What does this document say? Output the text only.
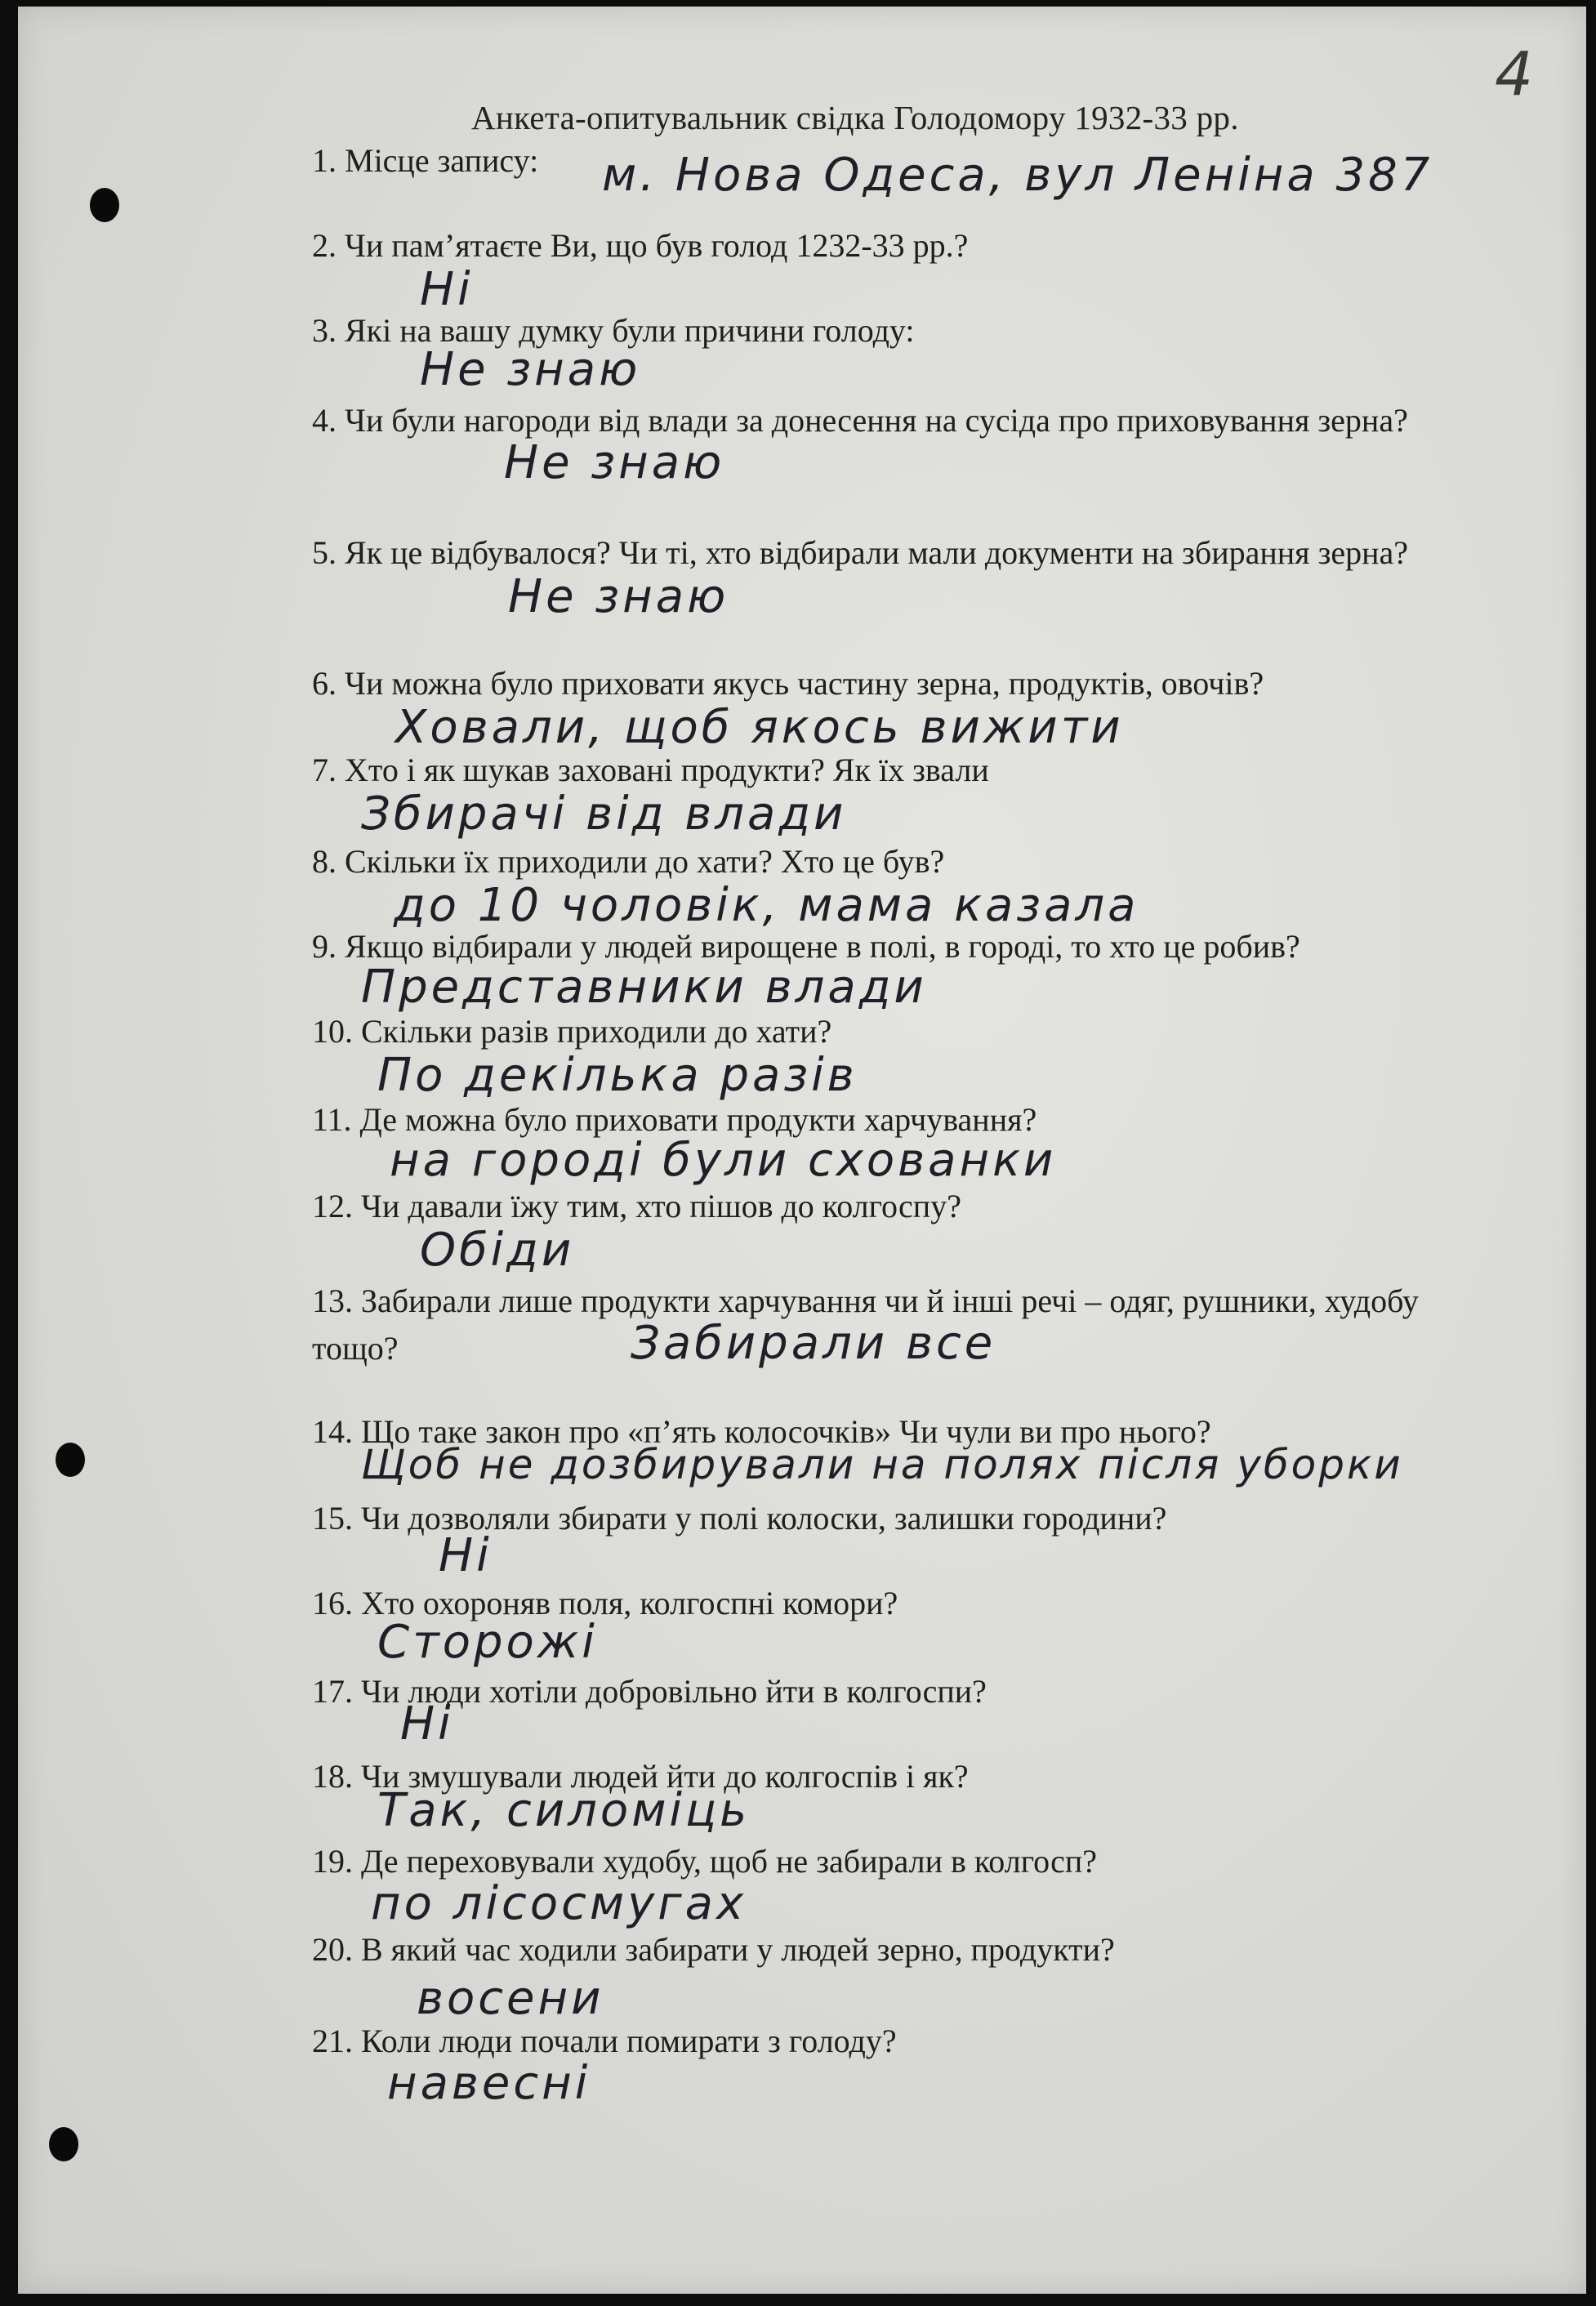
4
Анкета-опитувальник свідка Голодомору 1932-33 рр.
1. Місце запису:	м. Нова Одеса, вул Леніна 387
2. Чи пам’ятаєте Ви, що був голод 1232-33 рр.?
Ні
3. Які на вашу думку були причини голоду:
Не знаю
4. Чи були нагороди від влади за донесення на сусіда про приховування зерна?
Не знаю
5. Як це відбувалося? Чи ті, хто відбирали мали документи на збирання зерна?
Не знаю
6. Чи можна було приховати якусь частину зерна, продуктів, овочів?
Ховали, щоб якось вижити
7. Хто і як шукав заховані продукти? Як їх звали
Збирачі від влади
8. Скільки їх приходили до хати? Хто це був?
до 10 чоловік, мама казала
9. Якщо відбирали у людей вирощене в полі, в городі, то хто це робив?
Представники влади
10. Скільки разів приходили до хати?
По декілька разів
11. Де можна було приховати продукти харчування?
на городі були схованки
12. Чи давали їжу тим, хто пішов до колгоспу?
Обіди
13. Забирали лише продукти харчування чи й інші речі – одяг, рушники, худобу тощо?	Забирали все
14. Що таке закон про «п’ять колосочків» Чи чули ви про нього?
Щоб не дозбирували на полях після уборки
15. Чи дозволяли збирати у полі колоски, залишки городини?
Ні
16. Хто охороняв поля, колгоспні комори?
Сторожі
17. Чи люди хотіли добровільно йти в колгоспи?
Ні
18. Чи змушували людей йти до колгоспів і як?
Так, силоміць
19. Де переховували худобу, щоб не забирали в колгосп?
по лісосмугах
20. В який час ходили забирати у людей зерно, продукти?
восени
21. Коли люди почали помирати з голоду?
навесні
